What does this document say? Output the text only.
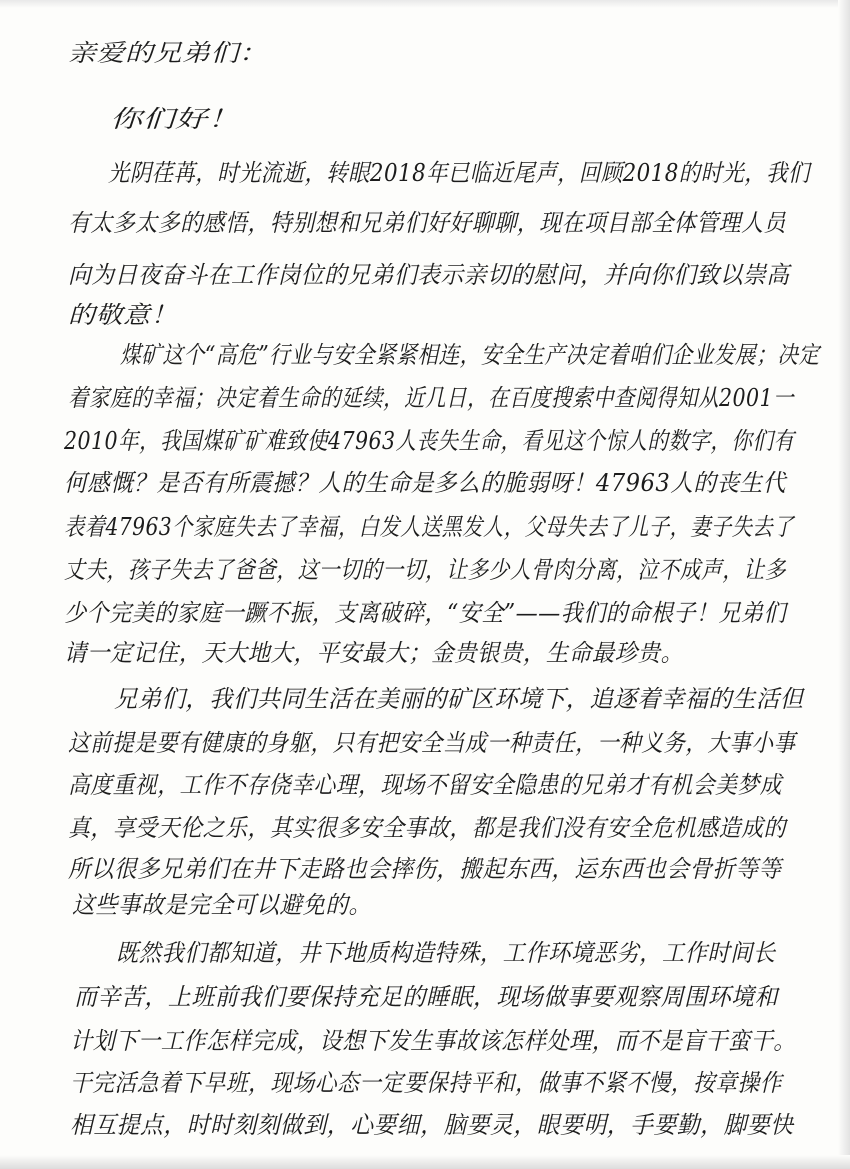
亲爱的兄弟们：
你们好！
光阴荏苒，时光流逝，转眼2018年已临近尾声，回顾2018的时光，我们
有太多太多的感悟，特别想和兄弟们好好聊聊，现在项目部全体管理人员
向为日夜奋斗在工作岗位的兄弟们表示亲切的慰问，并向你们致以崇高
的敬意！
煤矿这个“高危”行业与安全紧紧相连，安全生产决定着咱们企业发展；决定
着家庭的幸福；决定着生命的延续，近几日，在百度搜索中查阅得知从2001一
2010年，我国煤矿矿难致使47963人丧失生命，看见这个惊人的数字，你们有
何感慨？是否有所震撼？人的生命是多么的脆弱呀！47963人的丧生代
表着47963个家庭失去了幸福，白发人送黑发人，父母失去了儿子，妻子失去了
丈夫，孩子失去了爸爸，这一切的一切，让多少人骨肉分离，泣不成声，让多
少个完美的家庭一蹶不振，支离破碎，“安全”——我们的命根子！兄弟们
请一定记住，天大地大，平安最大；金贵银贵，生命最珍贵。
兄弟们，我们共同生活在美丽的矿区环境下，追逐着幸福的生活但
这前提是要有健康的身躯，只有把安全当成一种责任，一种义务，大事小事
高度重视，工作不存侥幸心理，现场不留安全隐患的兄弟才有机会美梦成
真，享受天伦之乐，其实很多安全事故，都是我们没有安全危机感造成的
所以很多兄弟们在井下走路也会摔伤，搬起东西，运东西也会骨折等等
这些事故是完全可以避免的。
既然我们都知道，井下地质构造特殊，工作环境恶劣，工作时间长
而辛苦，上班前我们要保持充足的睡眠，现场做事要观察周围环境和
计划下一工作怎样完成，设想下发生事故该怎样处理，而不是盲干蛮干。
干完活急着下早班，现场心态一定要保持平和，做事不紧不慢，按章操作
相互提点，时时刻刻做到，心要细，脑要灵，眼要明，手要勤，脚要快
